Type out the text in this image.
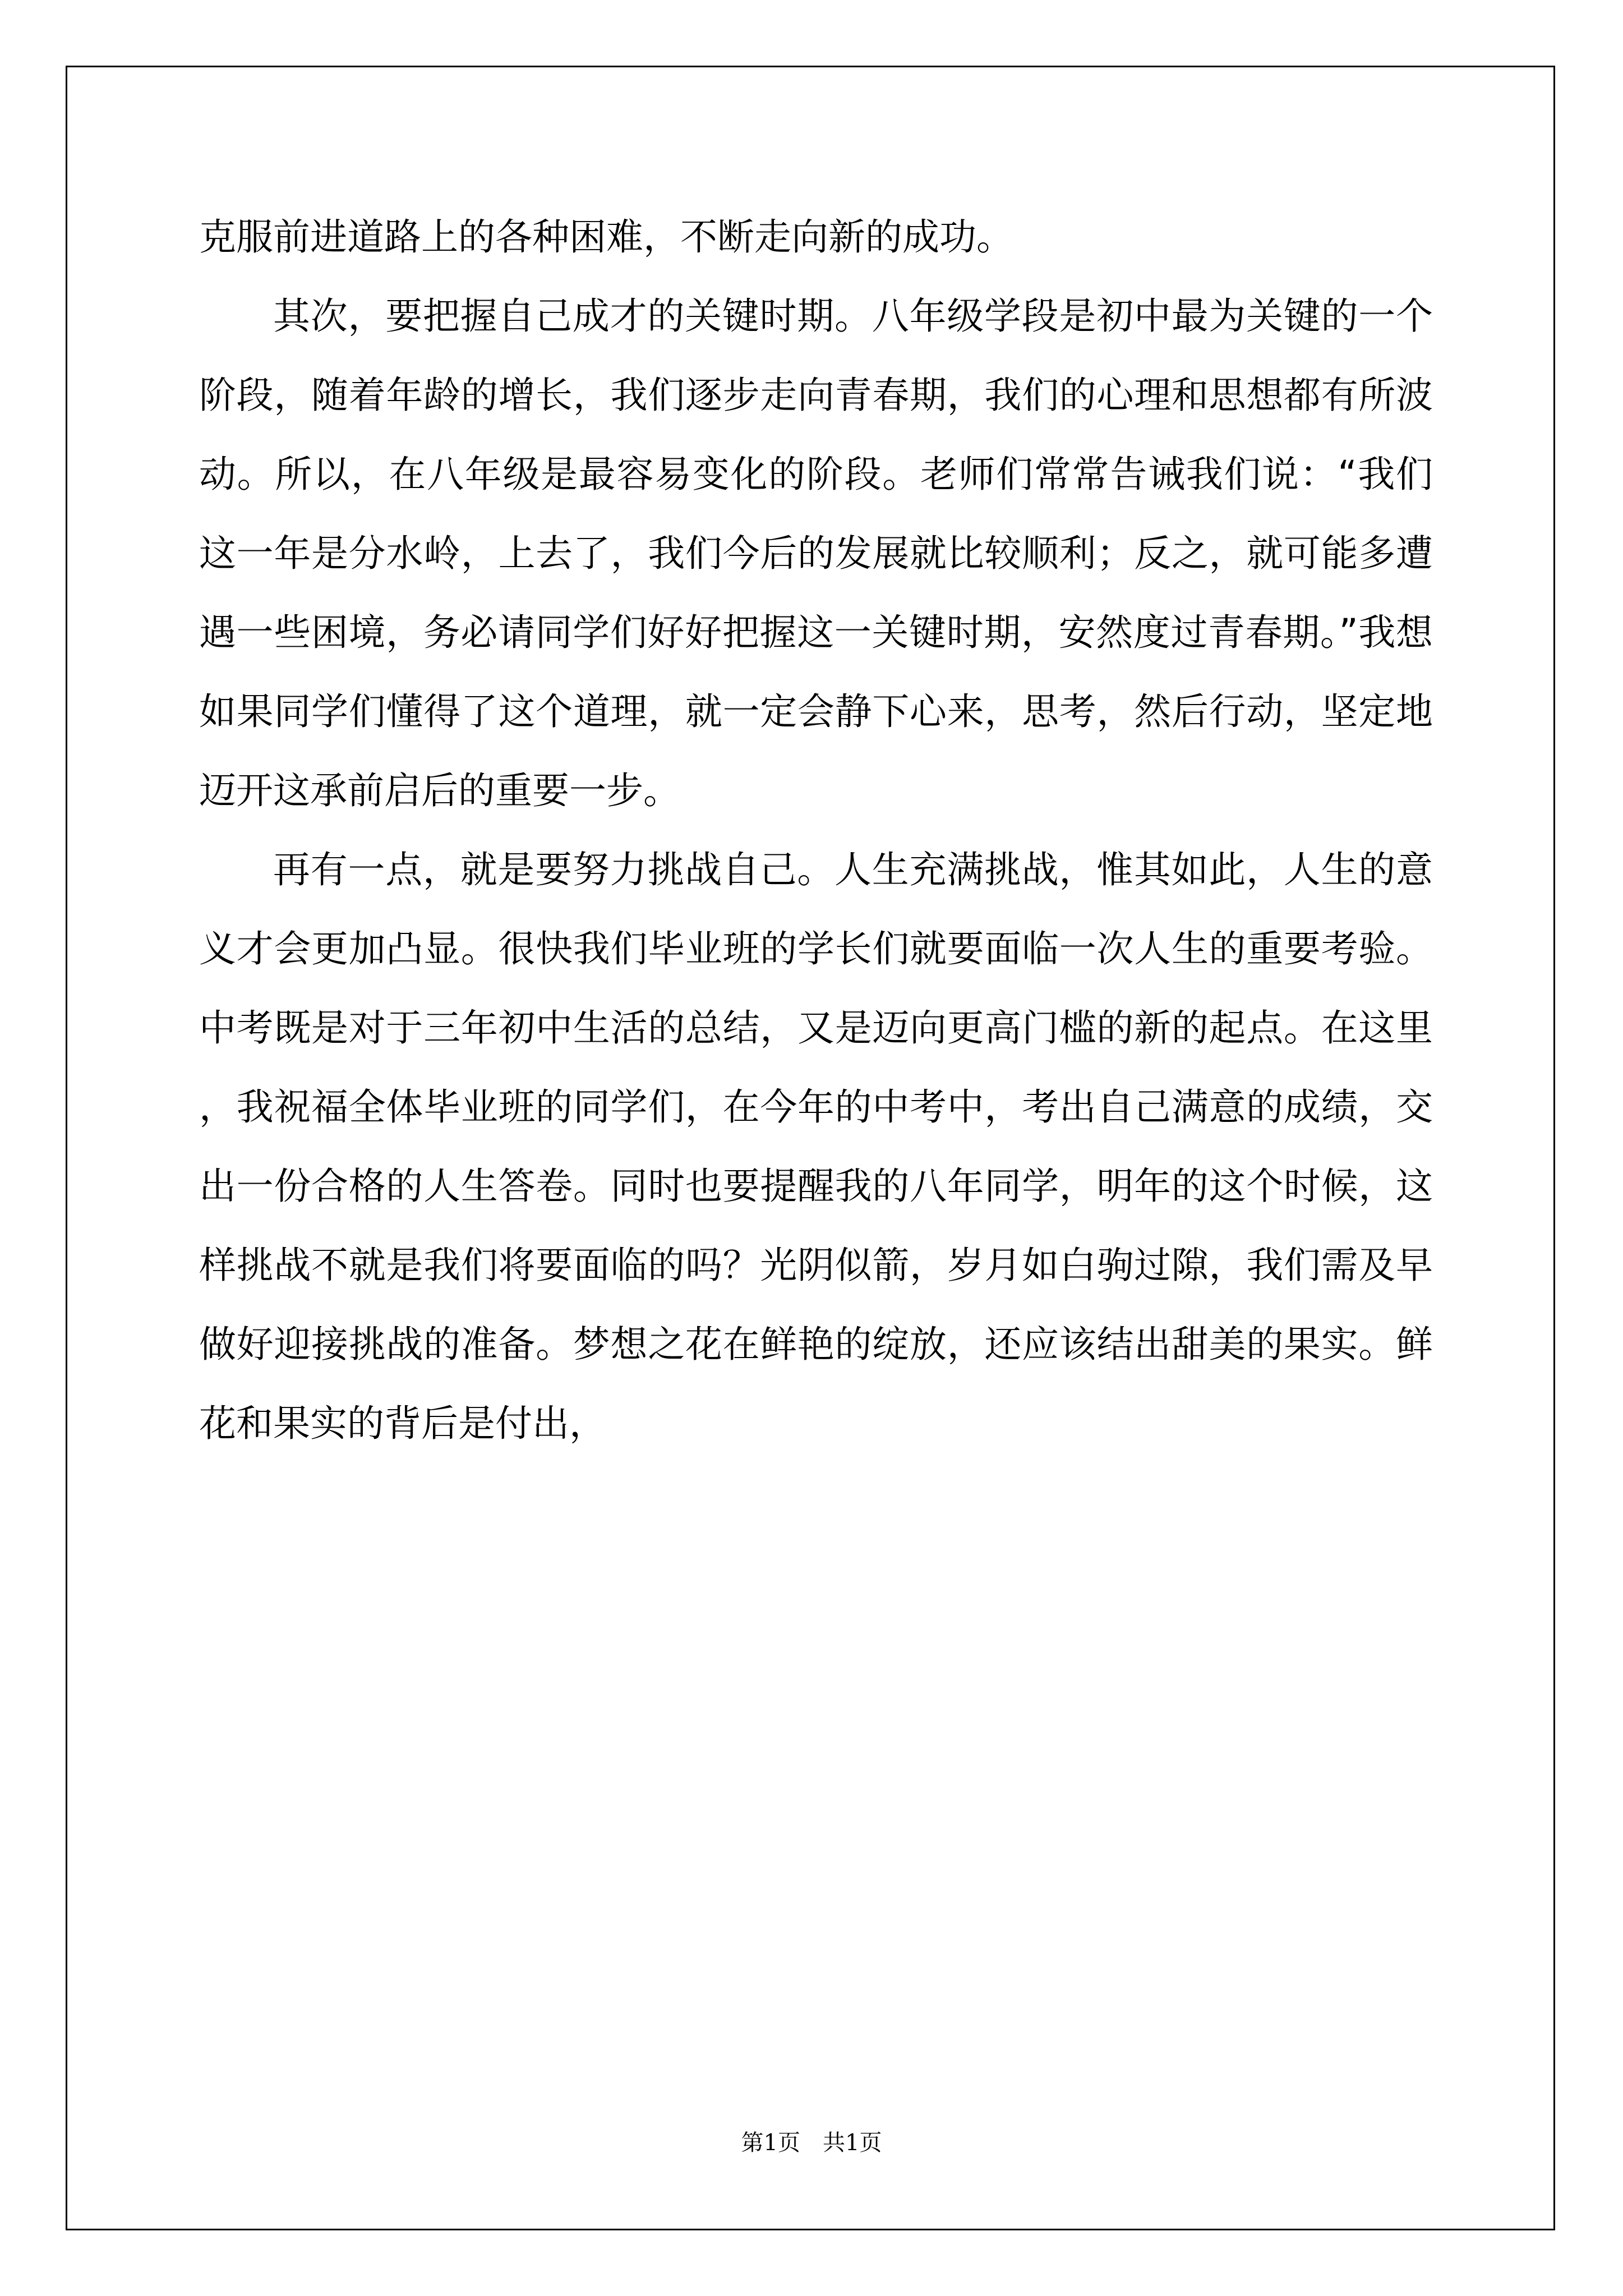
克服前进道路上的各种困难，不断走向新的成功。

其次，要把握自己成才的关键时期。八年级学段是初中最为关键的一个阶段，随着年龄的增长，我们逐步走向青春期，我们的心理和思想都有所波动。所以，在八年级是最容易变化的阶段。老师们常常告诫我们说：“我们这一年是分水岭，上去了，我们今后的发展就比较顺利；反之，就可能多遭遇一些困境，务必请同学们好好把握这一关键时期，安然度过青春期。”我想如果同学们懂得了这个道理，就一定会静下心来，思考，然后行动，坚定地迈开这承前启后的重要一步。

再有一点，就是要努力挑战自己。人生充满挑战，惟其如此，人生的意义才会更加凸显。很快我们毕业班的学长们就要面临一次人生的重要考验。中考既是对于三年初中生活的总结，又是迈向更高门槛的新的起点。在这里，我祝福全体毕业班的同学们，在今年的中考中，考出自己满意的成绩，交出一份合格的人生答卷。同时也要提醒我的八年同学，明年的这个时候，这样挑战不就是我们将要面临的吗？光阴似箭，岁月如白驹过隙，我们需及早做好迎接挑战的准备。梦想之花在鲜艳的绽放，还应该结出甜美的果实。鲜花和果实的背后是付出，

第1页 共1页
